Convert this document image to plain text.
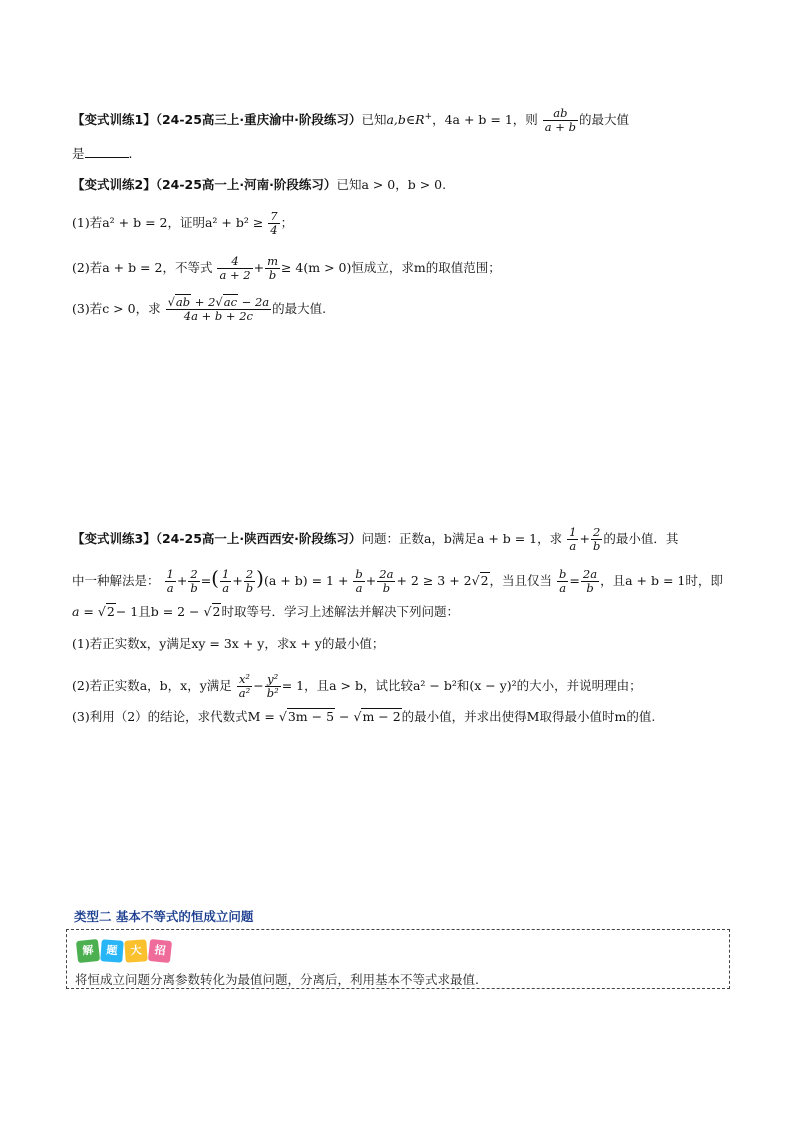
【变式训练1】（24-25高三上·重庆渝中·阶段练习）已知a,b∈R+，4a + b = 1，则 $\frac{ab}{a + b}$ 的最大值
是	.
【变式训练2】（24-25高一上·河南·阶段练习）已知a > 0，b > 0.
(1)若a² + b = 2，证明$a^2 + b^2 \ge \frac{7}{4}$ ；
(2)若a + b = 2，不等式 $\frac{4}{a + 2} + \frac{m}{b} \ge 4(m > 0)$恒成立，求m的取值范围；
(3)若c > 0，求 $\frac{√ab + 2√ac - 2a}{4a + b + 2c}$ 的最大值.
【变式训练3】（24-25高一上·陕西西安·阶段练习）问题：正数a，b满足a + b = 1，求 $\frac{1}{a} + \frac{2}{b}$ 的最小值．其
中一种解法是： $\frac{1}{a} + \frac{2}{b}$ =( $\frac{1}{a} + \frac{2}{b} )(a + b) = 1 + \frac{b}{a} + \frac{2a}{b} + 2 \ge 3 + 2√2$，当且仅当 $\frac{b}{a} = \frac{2a}{b}$ ，且a + b = 1时，即
a = √2− 1且b = 2 − √2时取等号．学习上述解法并解决下列问题：
(1)若正实数x，y满足xy = 3x + y，求x + y的最小值；
(2)若正实数a，b，x，y满足 $\frac{\text{x²}}{\text{a²}} - \frac{\text{y²}}{\text{b²}} = 1$，且a > b，试比较a² − b²和(x − y)²的大小，并说明理由；
(3)利用（2）的结论，求代数式M = √3m − 5 − √m − 2的最小值，并求出使得M取得最小值时m的值.
类型二 基本不等式的恒成立问题
解 题 大 招
将恒成立问题分离参数转化为最值问题，分离后，利用基本不等式求最值.
